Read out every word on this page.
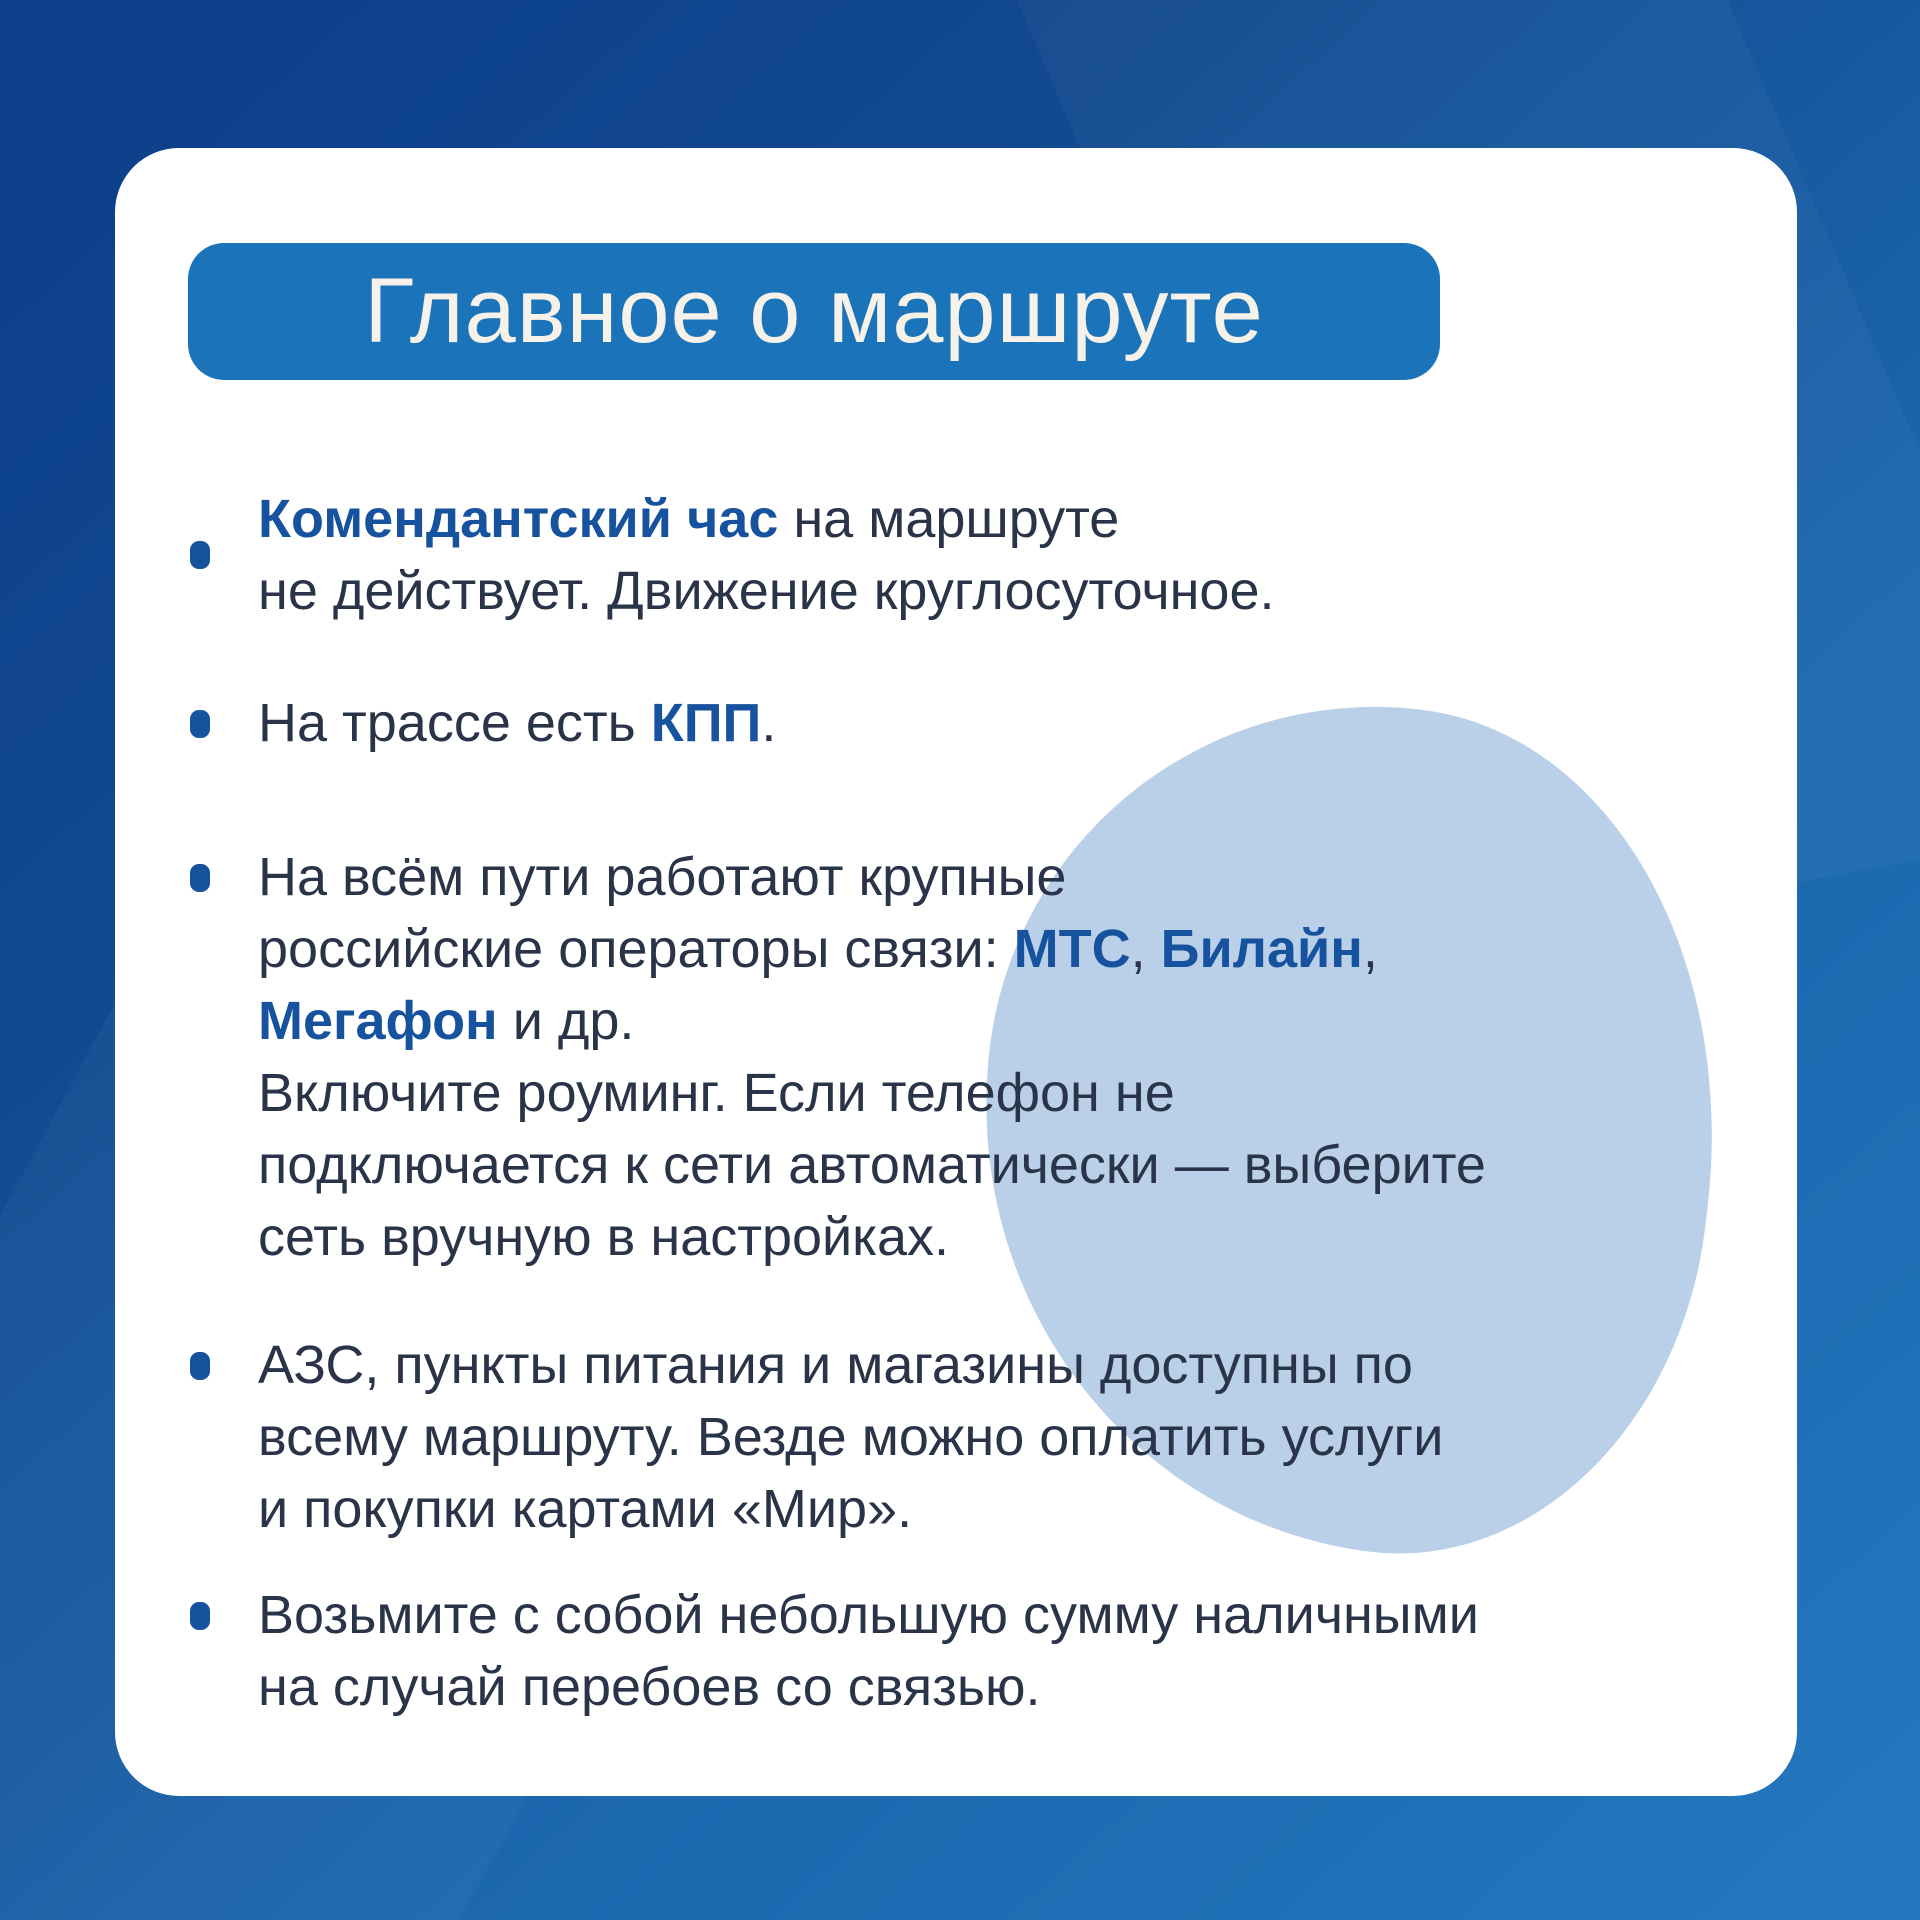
Главное о маршруте
Комендантский час на маршруте
не действует. Движение круглосуточное.
На трассе есть КПП.
На всём пути работают крупные
российские операторы связи: МТС, Билайн,
Мегафон и др.
Включите роуминг. Если телефон не
подключается к сети автоматически — выберите
сеть вручную в настройках.
АЗС, пункты питания и магазины доступны по
всему маршруту. Везде можно оплатить услуги
и покупки картами «Мир».
Возьмите с собой небольшую сумму наличными
на случай перебоев со связью.
